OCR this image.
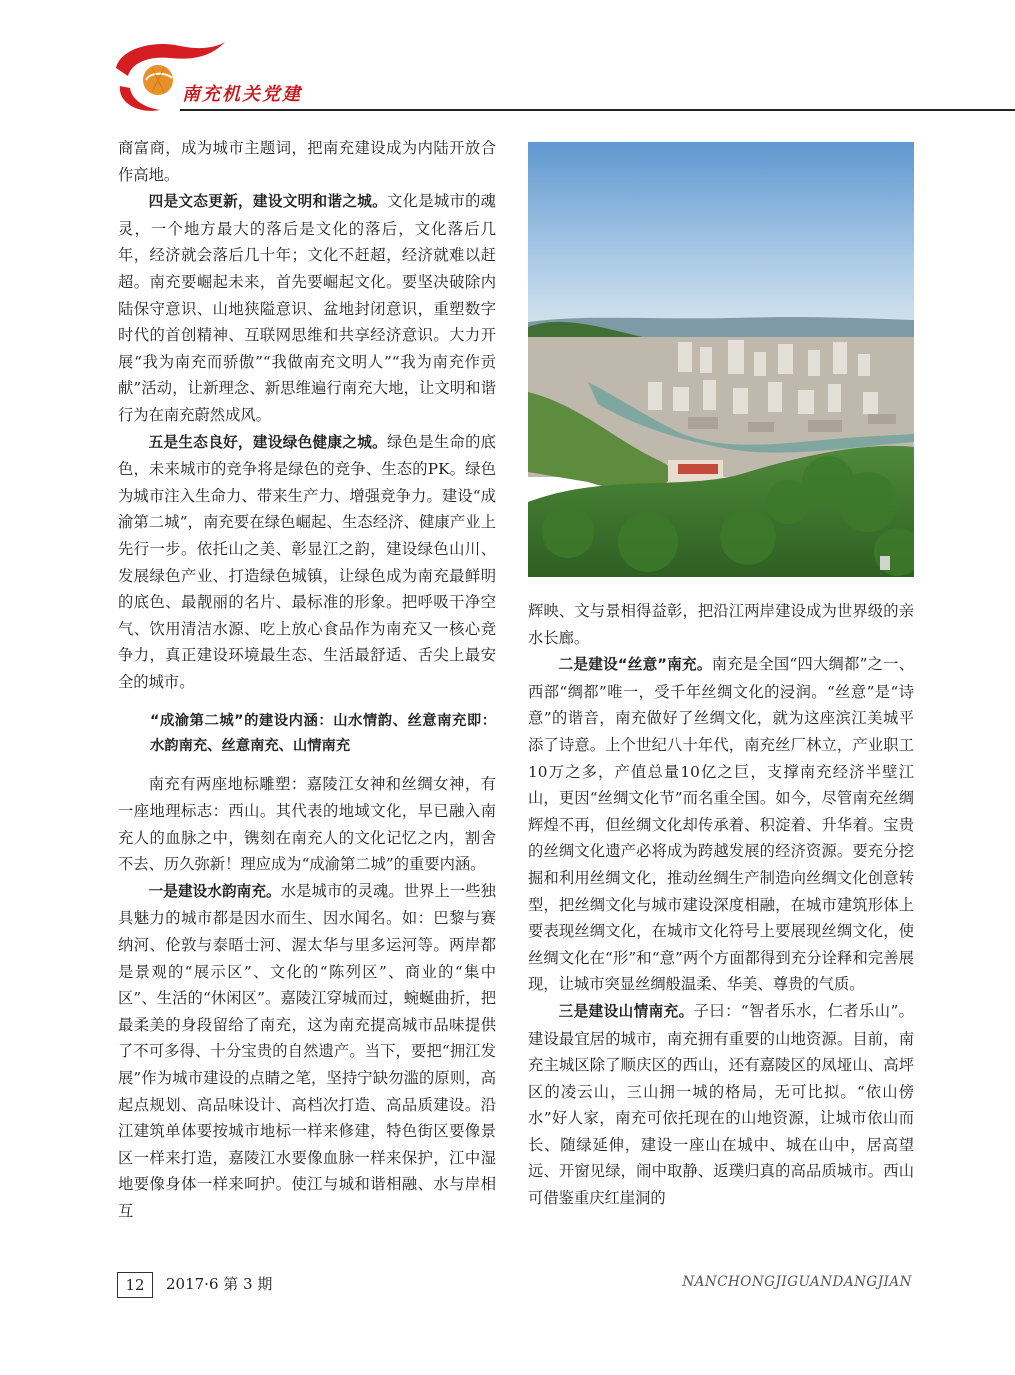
南充机关党建

商富商，成为城市主题词，把南充建设成为内陆开放合作高地。

四是文态更新，建设文明和谐之城。文化是城市的魂灵，一个地方最大的落后是文化的落后，文化落后几年，经济就会落后几十年；文化不赶超，经济就难以赶超。南充要崛起未来，首先要崛起文化。要坚决破除内陆保守意识、山地狭隘意识、盆地封闭意识，重塑数字时代的首创精神、互联网思维和共享经济意识。大力开展“我为南充而骄傲”“我做南充文明人”“我为南充作贡献”活动，让新理念、新思维遍行南充大地，让文明和谐行为在南充蔚然成风。

五是生态良好，建设绿色健康之城。绿色是生命的底色，未来城市的竞争将是绿色的竞争、生态的PK。绿色为城市注入生命力、带来生产力、增强竞争力。建设“成渝第二城”，南充要在绿色崛起、生态经济、健康产业上先行一步。依托山之美、彰显江之韵，建设绿色山川、发展绿色产业、打造绿色城镇，让绿色成为南充最鲜明的底色、最靓丽的名片、最标准的形象。把呼吸干净空气、饮用清洁水源、吃上放心食品作为南充又一核心竞争力，真正建设环境最生态、生活最舒适、舌尖上最安全的城市。

“成渝第二城”的建设内涵：山水情韵、丝意南充即：水韵南充、丝意南充、山情南充

南充有两座地标雕塑：嘉陵江女神和丝绸女神，有一座地理标志：西山。其代表的地域文化，早已融入南充人的血脉之中，镌刻在南充人的文化记忆之内，割舍不去、历久弥新！理应成为“成渝第二城”的重要内涵。

一是建设水韵南充。水是城市的灵魂。世界上一些独具魅力的城市都是因水而生、因水闻名。如：巴黎与赛纳河、伦敦与泰晤士河、渥太华与里多运河等。两岸都是景观的“展示区”、文化的“陈列区”、商业的“集中区”、生活的“休闲区”。嘉陵江穿城而过，蜿蜒曲折，把最柔美的身段留给了南充，这为南充提高城市品味提供了不可多得、十分宝贵的自然遗产。当下，要把“拥江发展”作为城市建设的点睛之笔，坚持宁缺勿滥的原则，高起点规划、高品味设计、高档次打造、高品质建设。沿江建筑单体要按城市地标一样来修建，特色街区要像景区一样来打造，嘉陵江水要像血脉一样来保护，江中湿地要像身体一样来呵护。使江与城和谐相融、水与岸相互

辉映、文与景相得益彰，把沿江两岸建设成为世界级的亲水长廊。

二是建设“丝意”南充。南充是全国“四大绸都”之一、西部“绸都”唯一，受千年丝绸文化的浸润。“丝意”是“诗意”的谐音，南充做好了丝绸文化，就为这座滨江美城平添了诗意。上个世纪八十年代，南充丝厂林立，产业职工10万之多，产值总量10亿之巨，支撑南充经济半壁江山，更因“丝绸文化节”而名重全国。如今，尽管南充丝绸辉煌不再，但丝绸文化却传承着、积淀着、升华着。宝贵的丝绸文化遗产必将成为跨越发展的经济资源。要充分挖掘和利用丝绸文化，推动丝绸生产制造向丝绸文化创意转型，把丝绸文化与城市建设深度相融，在城市建筑形体上要表现丝绸文化，在城市文化符号上要展现丝绸文化，使丝绸文化在“形”和“意”两个方面都得到充分诠释和完善展现，让城市突显丝绸般温柔、华美、尊贵的气质。

三是建设山情南充。子曰：“智者乐水，仁者乐山”。建设最宜居的城市，南充拥有重要的山地资源。目前，南充主城区除了顺庆区的西山，还有嘉陵区的凤垭山、高坪区的凌云山，三山拥一城的格局，无可比拟。“依山傍水”好人家，南充可依托现在的山地资源，让城市依山而长、随绿延伸，建设一座山在城中、城在山中，居高望远、开窗见绿，闹中取静、返璞归真的高品质城市。西山可借鉴重庆红崖洞的

12	2017·6 第 3 期	NANCHONGJIGUANDANGJIAN
